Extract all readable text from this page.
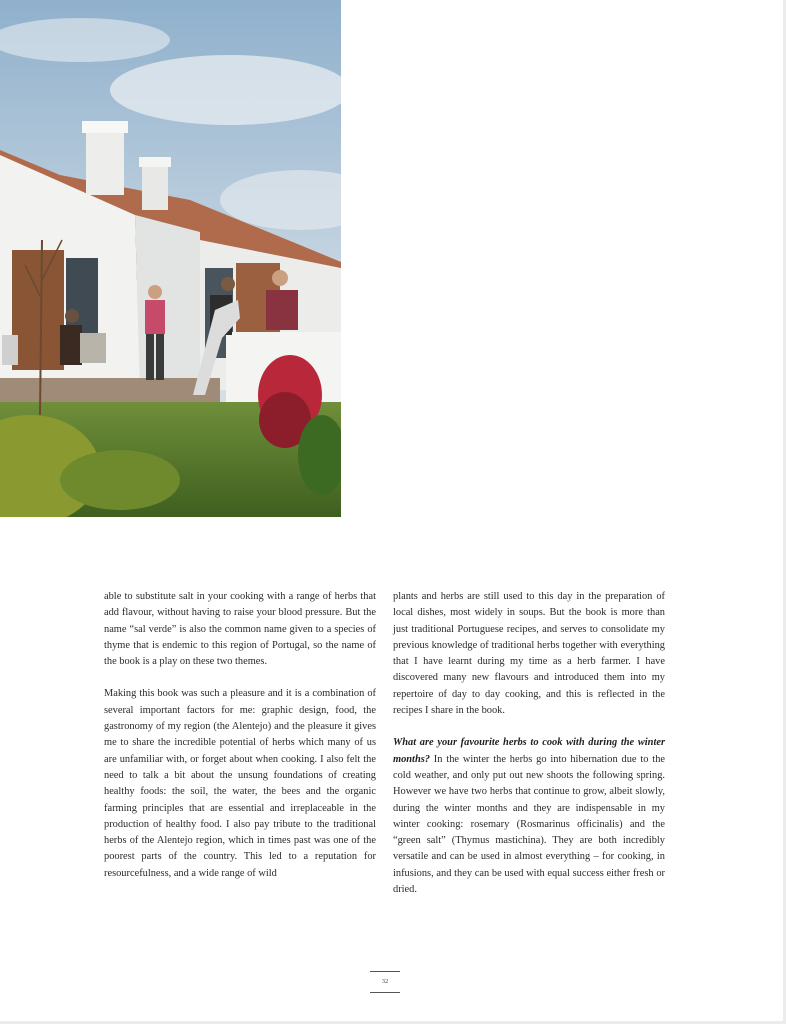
able to substitute salt in your cooking with a range of herbs that add flavour, without having to raise your blood pressure. But the name “sal verde” is also the common name given to a species of thyme that is endemic to this region of Portugal, so the name of the book is a play on these two themes.

Making this book was such a pleasure and it is a combination of several important factors for me: graphic design, food, the gastronomy of my region (the Alentejo) and the pleasure it gives me to share the incredible potential of herbs which many of us are unfamiliar with, or forget about when cooking. I also felt the need to talk a bit about the unsung foundations of creating healthy foods: the soil, the water, the bees and the organic farming principles that are essential and irreplaceable in the production of healthy food. I also pay tribute to the traditional herbs of the Alentejo region, which in times past was one of the poorest parts of the country. This led to a reputation for resourcefulness, and a wide range of wild

plants and herbs are still used to this day in the preparation of local dishes, most widely in soups. But the book is more than just traditional Portuguese recipes, and serves to consolidate my previous knowledge of traditional herbs together with everything that I have learnt during my time as a herb farmer. I have discovered many new flavours and introduced them into my repertoire of day to day cooking, and this is reflected in the recipes I share in the book.

What are your favourite herbs to cook with during the winter months? In the winter the herbs go into hibernation due to the cold weather, and only put out new shoots the following spring. However we have two herbs that continue to grow, albeit slowly, during the winter months and they are indispensable in my winter cooking: rosemary (Rosmarinus officinalis) and the “green salt” (Thymus mastichina). They are both incredibly versatile and can be used in almost everything – for cooking, in infusions, and they can be used with equal success either fresh or dried.

32
